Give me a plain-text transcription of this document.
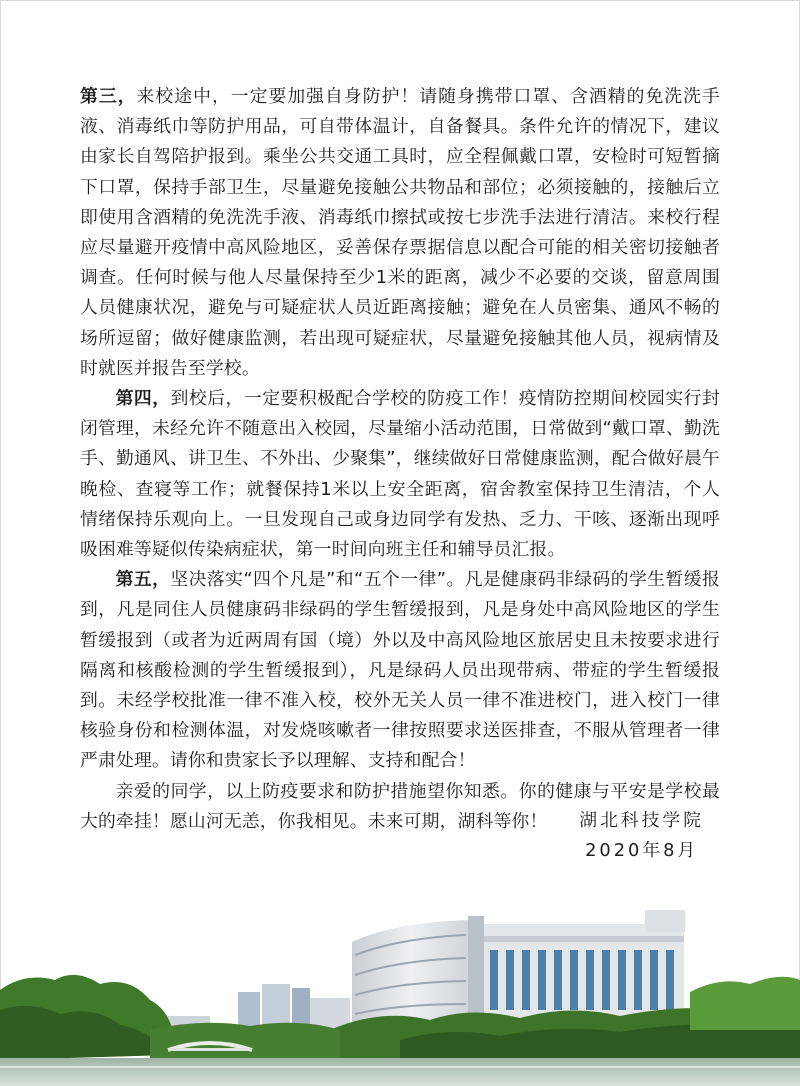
第三，来校途中，一定要加强自身防护！请随身携带口罩、含酒精的免洗洗手液、消毒纸巾等防护用品，可自带体温计，自备餐具。条件允许的情况下，建议由家长自驾陪护报到。乘坐公共交通工具时，应全程佩戴口罩，安检时可短暂摘下口罩，保持手部卫生，尽量避免接触公共物品和部位；必须接触的，接触后立即使用含酒精的免洗洗手液、消毒纸巾擦拭或按七步洗手法进行清洁。来校行程应尽量避开疫情中高风险地区，妥善保存票据信息以配合可能的相关密切接触者调查。任何时候与他人尽量保持至少1米的距离，减少不必要的交谈，留意周围人员健康状况，避免与可疑症状人员近距离接触；避免在人员密集、通风不畅的场所逗留；做好健康监测，若出现可疑症状，尽量避免接触其他人员，视病情及时就医并报告至学校。

第四，到校后，一定要积极配合学校的防疫工作！疫情防控期间校园实行封闭管理，未经允许不随意出入校园，尽量缩小活动范围，日常做到“戴口罩、勤洗手、勤通风、讲卫生、不外出、少聚集”，继续做好日常健康监测，配合做好晨午晚检、查寝等工作；就餐保持1米以上安全距离，宿舍教室保持卫生清洁，个人情绪保持乐观向上。一旦发现自己或身边同学有发热、乏力、干咳、逐渐出现呼吸困难等疑似传染病症状，第一时间向班主任和辅导员汇报。

第五，坚决落实“四个凡是”和“五个一律”。凡是健康码非绿码的学生暂缓报到，凡是同住人员健康码非绿码的学生暂缓报到，凡是身处中高风险地区的学生暂缓报到（或者为近两周有国（境）外以及中高风险地区旅居史且未按要求进行隔离和核酸检测的学生暂缓报到），凡是绿码人员出现带病、带症的学生暂缓报到。未经学校批准一律不准入校，校外无关人员一律不准进校门，进入校门一律核验身份和检测体温，对发烧咳嗽者一律按照要求送医排查，不服从管理者一律严肃处理。请你和贵家长予以理解、支持和配合！

亲爱的同学，以上防疫要求和防护措施望你知悉。你的健康与平安是学校最大的牵挂！愿山河无恙，你我相见。未来可期，湖科等你！	湖北科技学院
2020年8月
